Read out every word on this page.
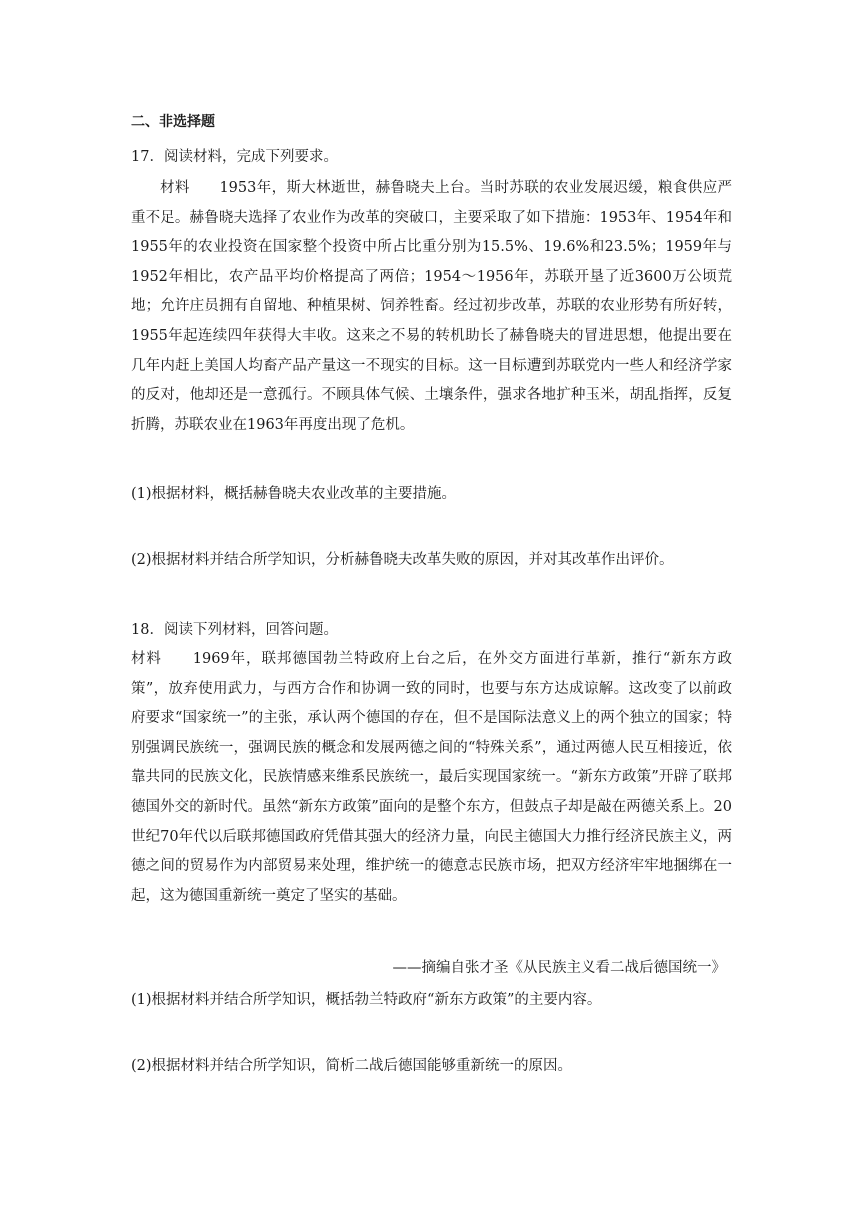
二、非选择题
17．阅读材料，完成下列要求。
材料　　1953年，斯大林逝世，赫鲁晓夫上台。当时苏联的农业发展迟缓，粮食供应严重不足。赫鲁晓夫选择了农业作为改革的突破口，主要采取了如下措施：1953年、1954年和1955年的农业投资在国家整个投资中所占比重分别为15.5%、19.6%和23.5%；1959年与1952年相比，农产品平均价格提高了两倍；1954～1956年，苏联开垦了近3600万公顷荒地；允许庄员拥有自留地、种植果树、饲养牲畜。经过初步改革，苏联的农业形势有所好转，1955年起连续四年获得大丰收。这来之不易的转机助长了赫鲁晓夫的冒进思想，他提出要在几年内赶上美国人均畜产品产量这一不现实的目标。这一目标遭到苏联党内一些人和经济学家的反对，他却还是一意孤行。不顾具体气候、土壤条件，强求各地扩种玉米，胡乱指挥，反复折腾，苏联农业在1963年再度出现了危机。
(1)根据材料，概括赫鲁晓夫农业改革的主要措施。
(2)根据材料并结合所学知识，分析赫鲁晓夫改革失败的原因，并对其改革作出评价。
18．阅读下列材料，回答问题。
材料　　1969年，联邦德国勃兰特政府上台之后，在外交方面进行革新，推行“新东方政策”，放弃使用武力，与西方合作和协调一致的同时，也要与东方达成谅解。这改变了以前政府要求“国家统一”的主张，承认两个德国的存在，但不是国际法意义上的两个独立的国家；特别强调民族统一，强调民族的概念和发展两德之间的“特殊关系”，通过两德人民互相接近，依靠共同的民族文化，民族情感来维系民族统一，最后实现国家统一。“新东方政策”开辟了联邦德国外交的新时代。虽然“新东方政策”面向的是整个东方，但鼓点子却是敲在两德关系上。20世纪70年代以后联邦德国政府凭借其强大的经济力量，向民主德国大力推行经济民族主义，两德之间的贸易作为内部贸易来处理，维护统一的德意志民族市场，把双方经济牢牢地捆绑在一起，这为德国重新统一奠定了坚实的基础。
——摘编自张才圣《从民族主义看二战后德国统一》
(1)根据材料并结合所学知识，概括勃兰特政府“新东方政策”的主要内容。
(2)根据材料并结合所学知识，简析二战后德国能够重新统一的原因。
